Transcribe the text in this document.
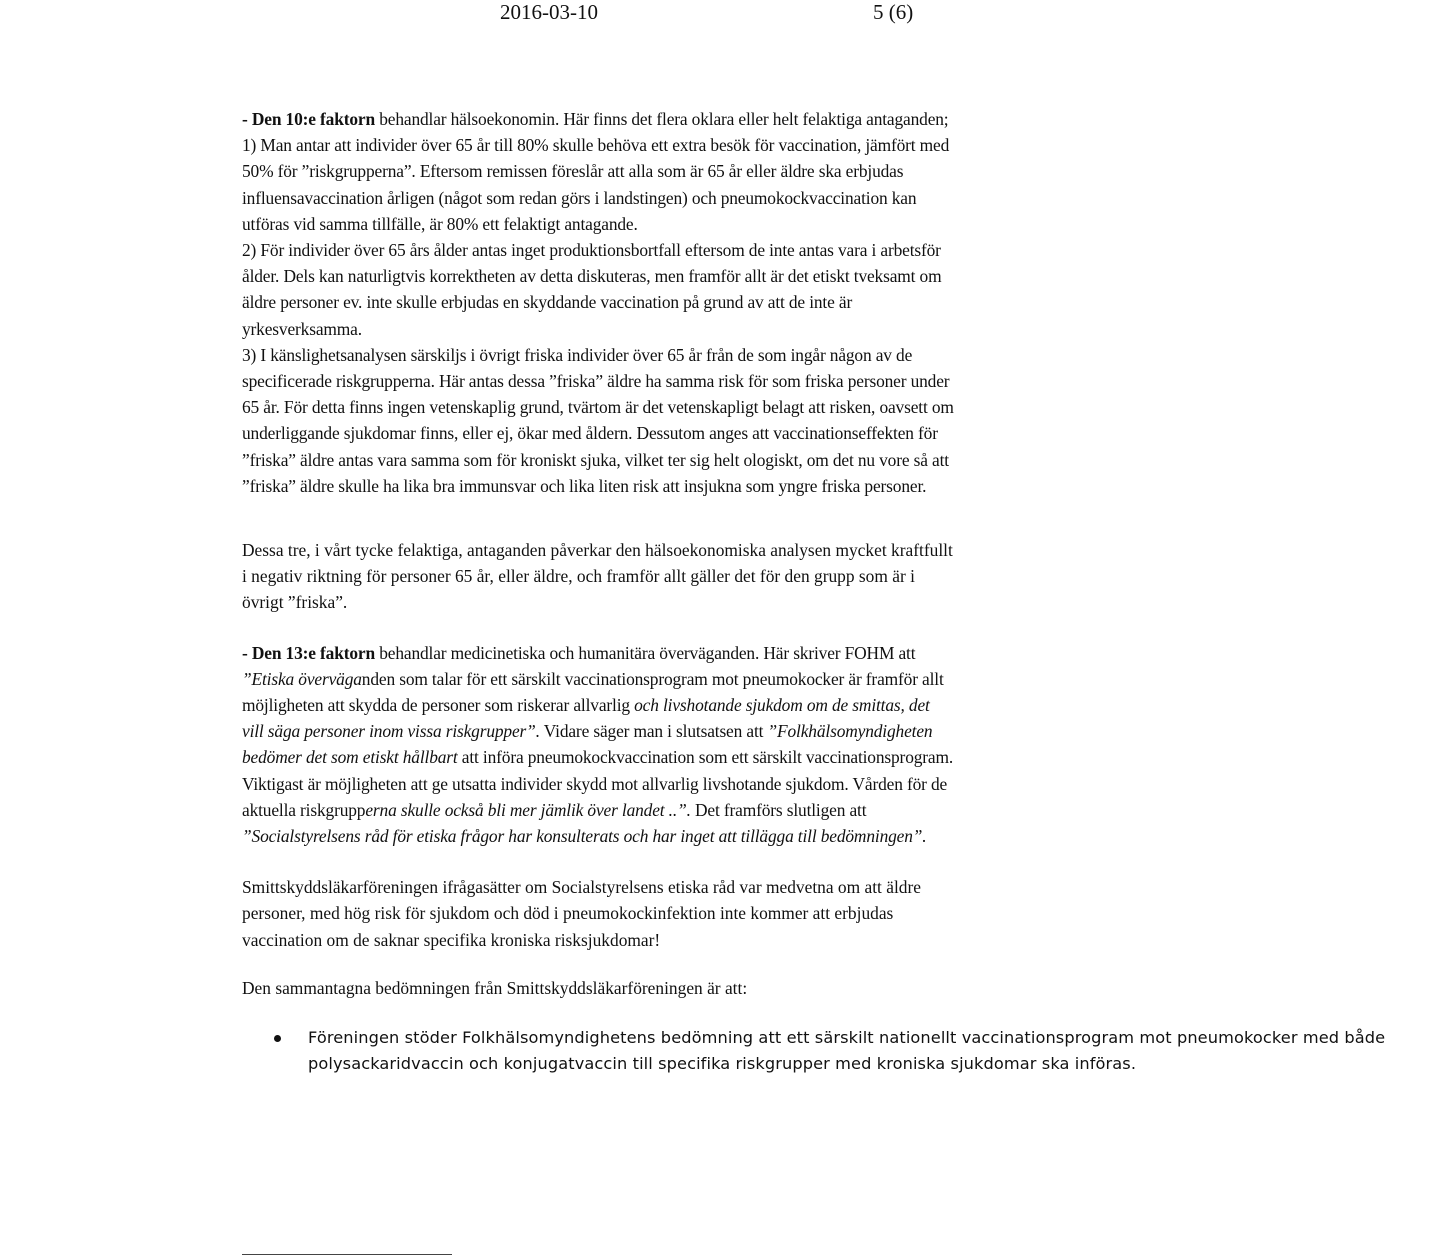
2016-03-10	5 (6)

- Den 10:e faktorn behandlar hälsoekonomin. Här finns det flera oklara eller helt felaktiga antaganden;
1) Man antar att individer över 65 år till 80% skulle behöva ett extra besök för vaccination, jämfört med 50% för ”riskgrupperna”. Eftersom remissen föreslår att alla som är 65 år eller äldre ska erbjudas influensavaccination årligen (något som redan görs i landstingen) och pneumokockvaccination kan utföras vid samma tillfälle, är 80% ett felaktigt antagande.
2) För individer över 65 års ålder antas inget produktionsbortfall eftersom de inte antas vara i arbetsför ålder. Dels kan naturligtvis korrektheten av detta diskuteras, men framför allt är det etiskt tveksamt om äldre personer ev. inte skulle erbjudas en skyddande vaccination på grund av att de inte är yrkesverksamma.
3) I känslighetsanalysen särskiljs i övrigt friska individer över 65 år från de som ingår någon av de specificerade riskgrupperna. Här antas dessa ”friska” äldre ha samma risk för som friska personer under 65 år. För detta finns ingen vetenskaplig grund, tvärtom är det vetenskapligt belagt att risken, oavsett om underliggande sjukdomar finns, eller ej, ökar med åldern. Dessutom anges att vaccinationseffekten för ”friska” äldre antas vara samma som för kroniskt sjuka, vilket ter sig helt ologiskt, om det nu vore så att ”friska” äldre skulle ha lika bra immunsvar och lika liten risk att insjukna som yngre friska personer.

Dessa tre, i vårt tycke felaktiga, antaganden påverkar den hälsoekonomiska analysen mycket kraftfullt i negativ riktning för personer 65 år, eller äldre, och framför allt gäller det för den grupp som är i övrigt ”friska”.

- Den 13:e faktorn behandlar medicinetiska och humanitära överväganden. Här skriver FOHM att ”Etiska överväganden som talar för ett särskilt vaccinationsprogram mot pneumokocker är framför allt möjligheten att skydda de personer som riskerar allvarlig och livshotande sjukdom om de smittas, det vill säga personer inom vissa riskgrupper”. Vidare säger man i slutsatsen att ”Folkhälsomyndigheten bedömer det som etiskt hållbart att införa pneumokockvaccination som ett särskilt vaccinationsprogram. Viktigast är möjligheten att ge utsatta individer skydd mot allvarlig livshotande sjukdom. Vården för de aktuella riskgrupperna skulle också bli mer jämlik över landet ..”. Det framförs slutligen att ”Socialstyrelsens råd för etiska frågor har konsulterats och har inget att tillägga till bedömningen”.

Smittskyddsläkarföreningen ifrågasätter om Socialstyrelsens etiska råd var medvetna om att äldre personer, med hög risk för sjukdom och död i pneumokockinfektion inte kommer att erbjudas vaccination om de saknar specifika kroniska risksjukdomar!

Den sammantagna bedömningen från Smittskyddsläkarföreningen är att:

Föreningen stöder Folkhälsomyndighetens bedömning att ett särskilt nationellt vaccinationsprogram mot pneumokocker med både polysackaridvaccin och konjugatvaccin till specifika riskgrupper med kroniska sjukdomar ska införas.
